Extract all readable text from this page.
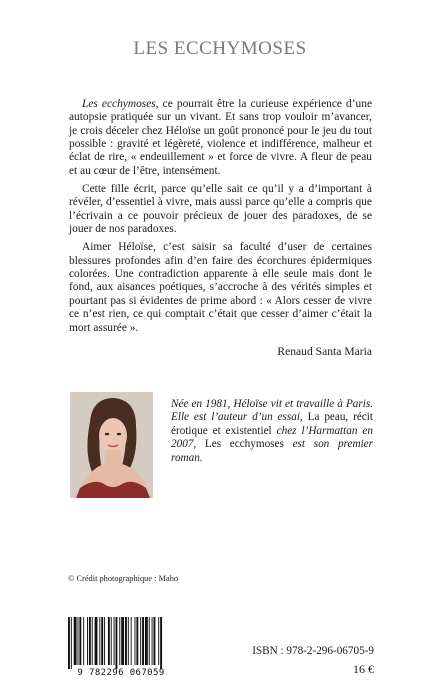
LES ECCHYMOSES

Les ecchymoses, ce pourrait être la curieuse expérience d’une autopsie pratiquée sur un vivant. Et sans trop vouloir m’avancer, je crois déceler chez Héloïse un goût prononcé pour le jeu du tout possible : gravité et légèreté, violence et indifférence, malheur et éclat de rire, « endeuillement » et force de vivre. A fleur de peau et au cœur de l’être, intensément.

Cette fille écrit, parce qu’elle sait ce qu’il y a d’important à révéler, d’essentiel à vivre, mais aussi parce qu’elle a compris que l’écrivain a ce pouvoir précieux de jouer des paradoxes, de se jouer de nos paradoxes.

Aimer Héloïse, c’est saisir sa faculté d’user de certaines blessures profondes afin d’en faire des écorchures épidermiques colorées. Une contradiction apparente à elle seule mais dont le fond, aux aisances poétiques, s’accroche à des vérités simples et pourtant pas si évidentes de prime abord : « Alors cesser de vivre ce n’est rien, ce qui comptait c’était que cesser d’aimer c’était la mort assurée ».

Renaud Santa Maria
Née en 1981, Héloïse vit et travaille à Paris. Elle est l’auteur d’un essai, La peau, récit érotique et existentiel chez l’Harmattan en 2007, Les ecchymoses est son premier roman.
© Crédit photographique : Maho
9 782296 067059
ISBN : 978-2-296-06705-9
16 €
